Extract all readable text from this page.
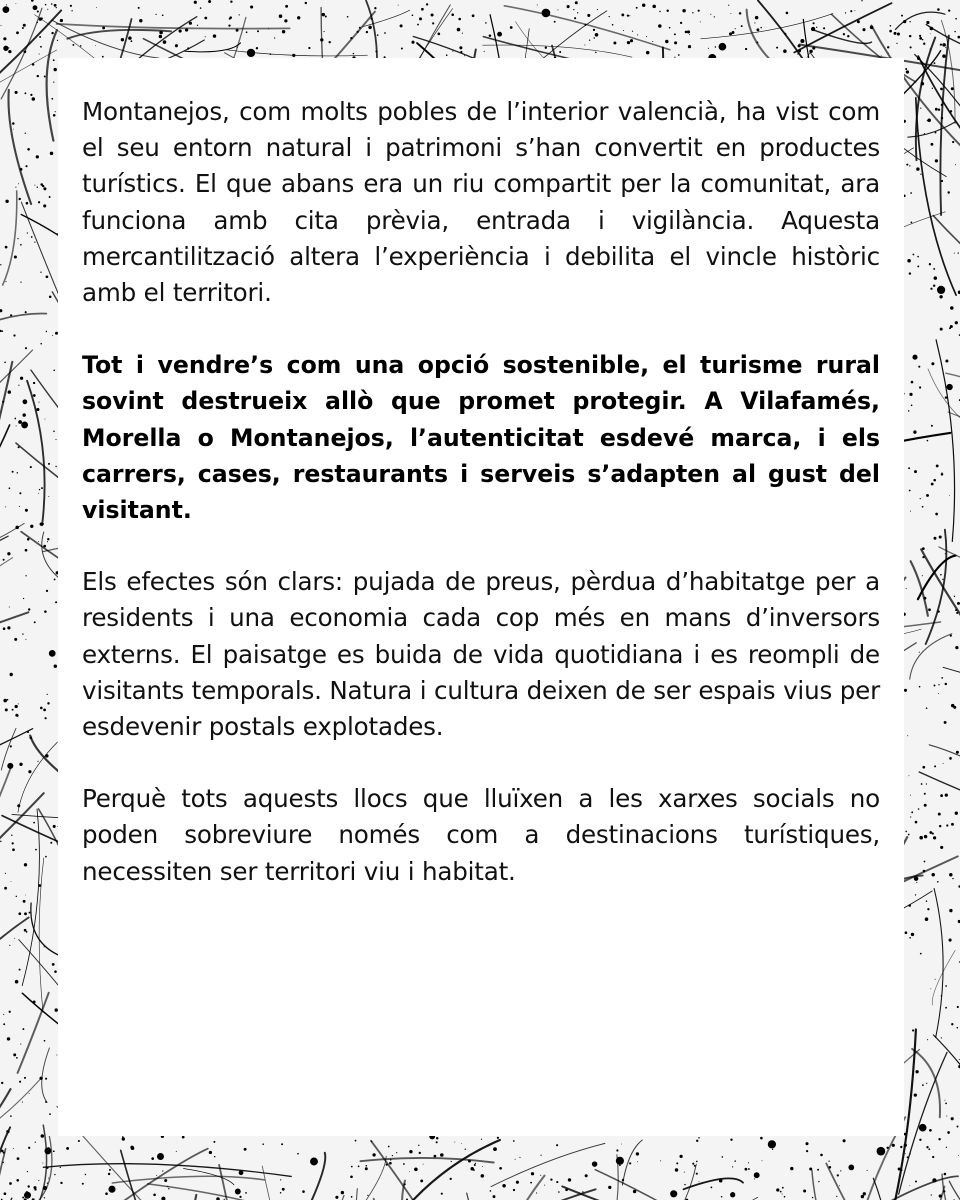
Montanejos, com molts pobles de l’interior valencià, ha vist com el seu entorn natural i patrimoni s’han convertit en productes turístics. El que abans era un riu compartit per la comunitat, ara funciona amb cita prèvia, entrada i vigilància. Aquesta mercantilització altera l’experiència i debilita el vincle històric amb el territori.

Tot i vendre’s com una opció sostenible, el turisme rural sovint destrueix allò que promet protegir. A Vilafamés, Morella o Montanejos, l’autenticitat esdevé marca, i els carrers, cases, restaurants i serveis s’adapten al gust del visitant.

Els efectes són clars: pujada de preus, pèrdua d’habitatge per a residents i una economia cada cop més en mans d’inversors externs. El paisatge es buida de vida quotidiana i es reompli de visitants temporals. Natura i cultura deixen de ser espais vius per esdevenir postals explotades.

Perquè tots aquests llocs que lluïxen a les xarxes socials no poden sobreviure només com a destinacions turístiques, necessiten ser territori viu i habitat.
